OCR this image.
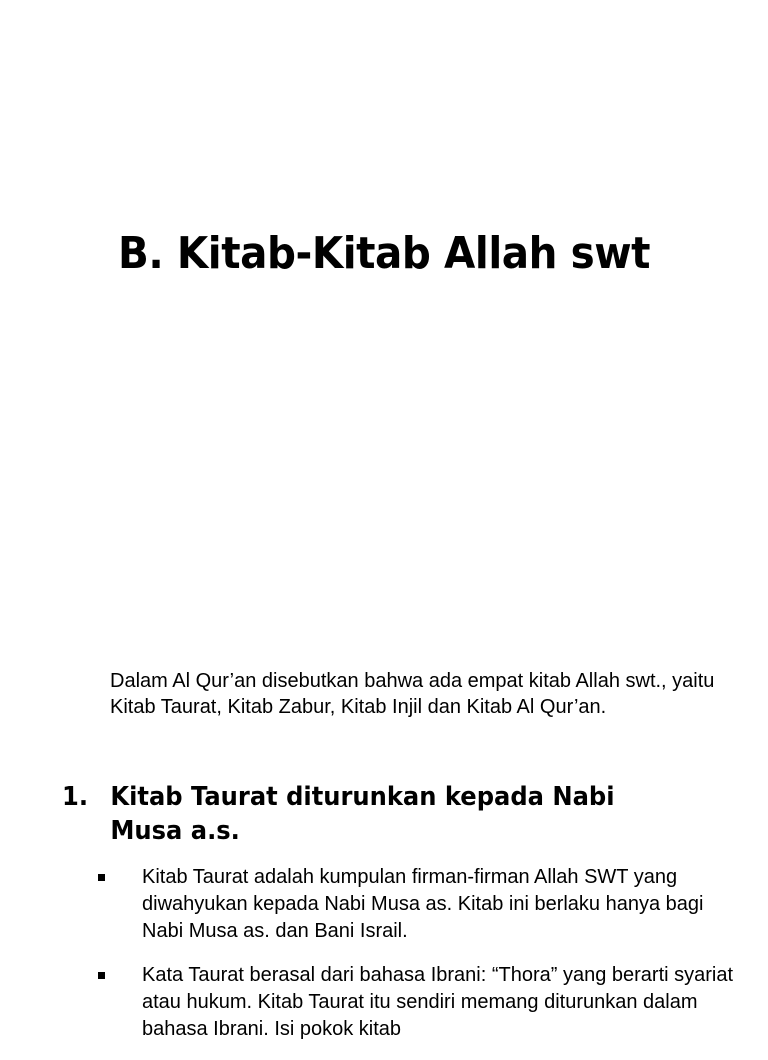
B. Kitab-Kitab Allah swt

Dalam Al Qur’an disebutkan bahwa ada empat kitab Allah swt., yaitu Kitab Taurat, Kitab Zabur, Kitab Injil dan Kitab Al Qur’an.

1. Kitab Taurat diturunkan kepada Nabi Musa a.s.
Kitab Taurat adalah kumpulan firman-firman Allah SWT yang diwahyukan kepada Nabi Musa as. Kitab ini berlaku hanya bagi Nabi Musa as. dan Bani Israil.
Kata Taurat berasal dari bahasa Ibrani: “Thora” yang berarti syariat atau hukum. Kitab Taurat itu sendiri memang diturunkan dalam bahasa Ibrani. Isi pokok kitab
